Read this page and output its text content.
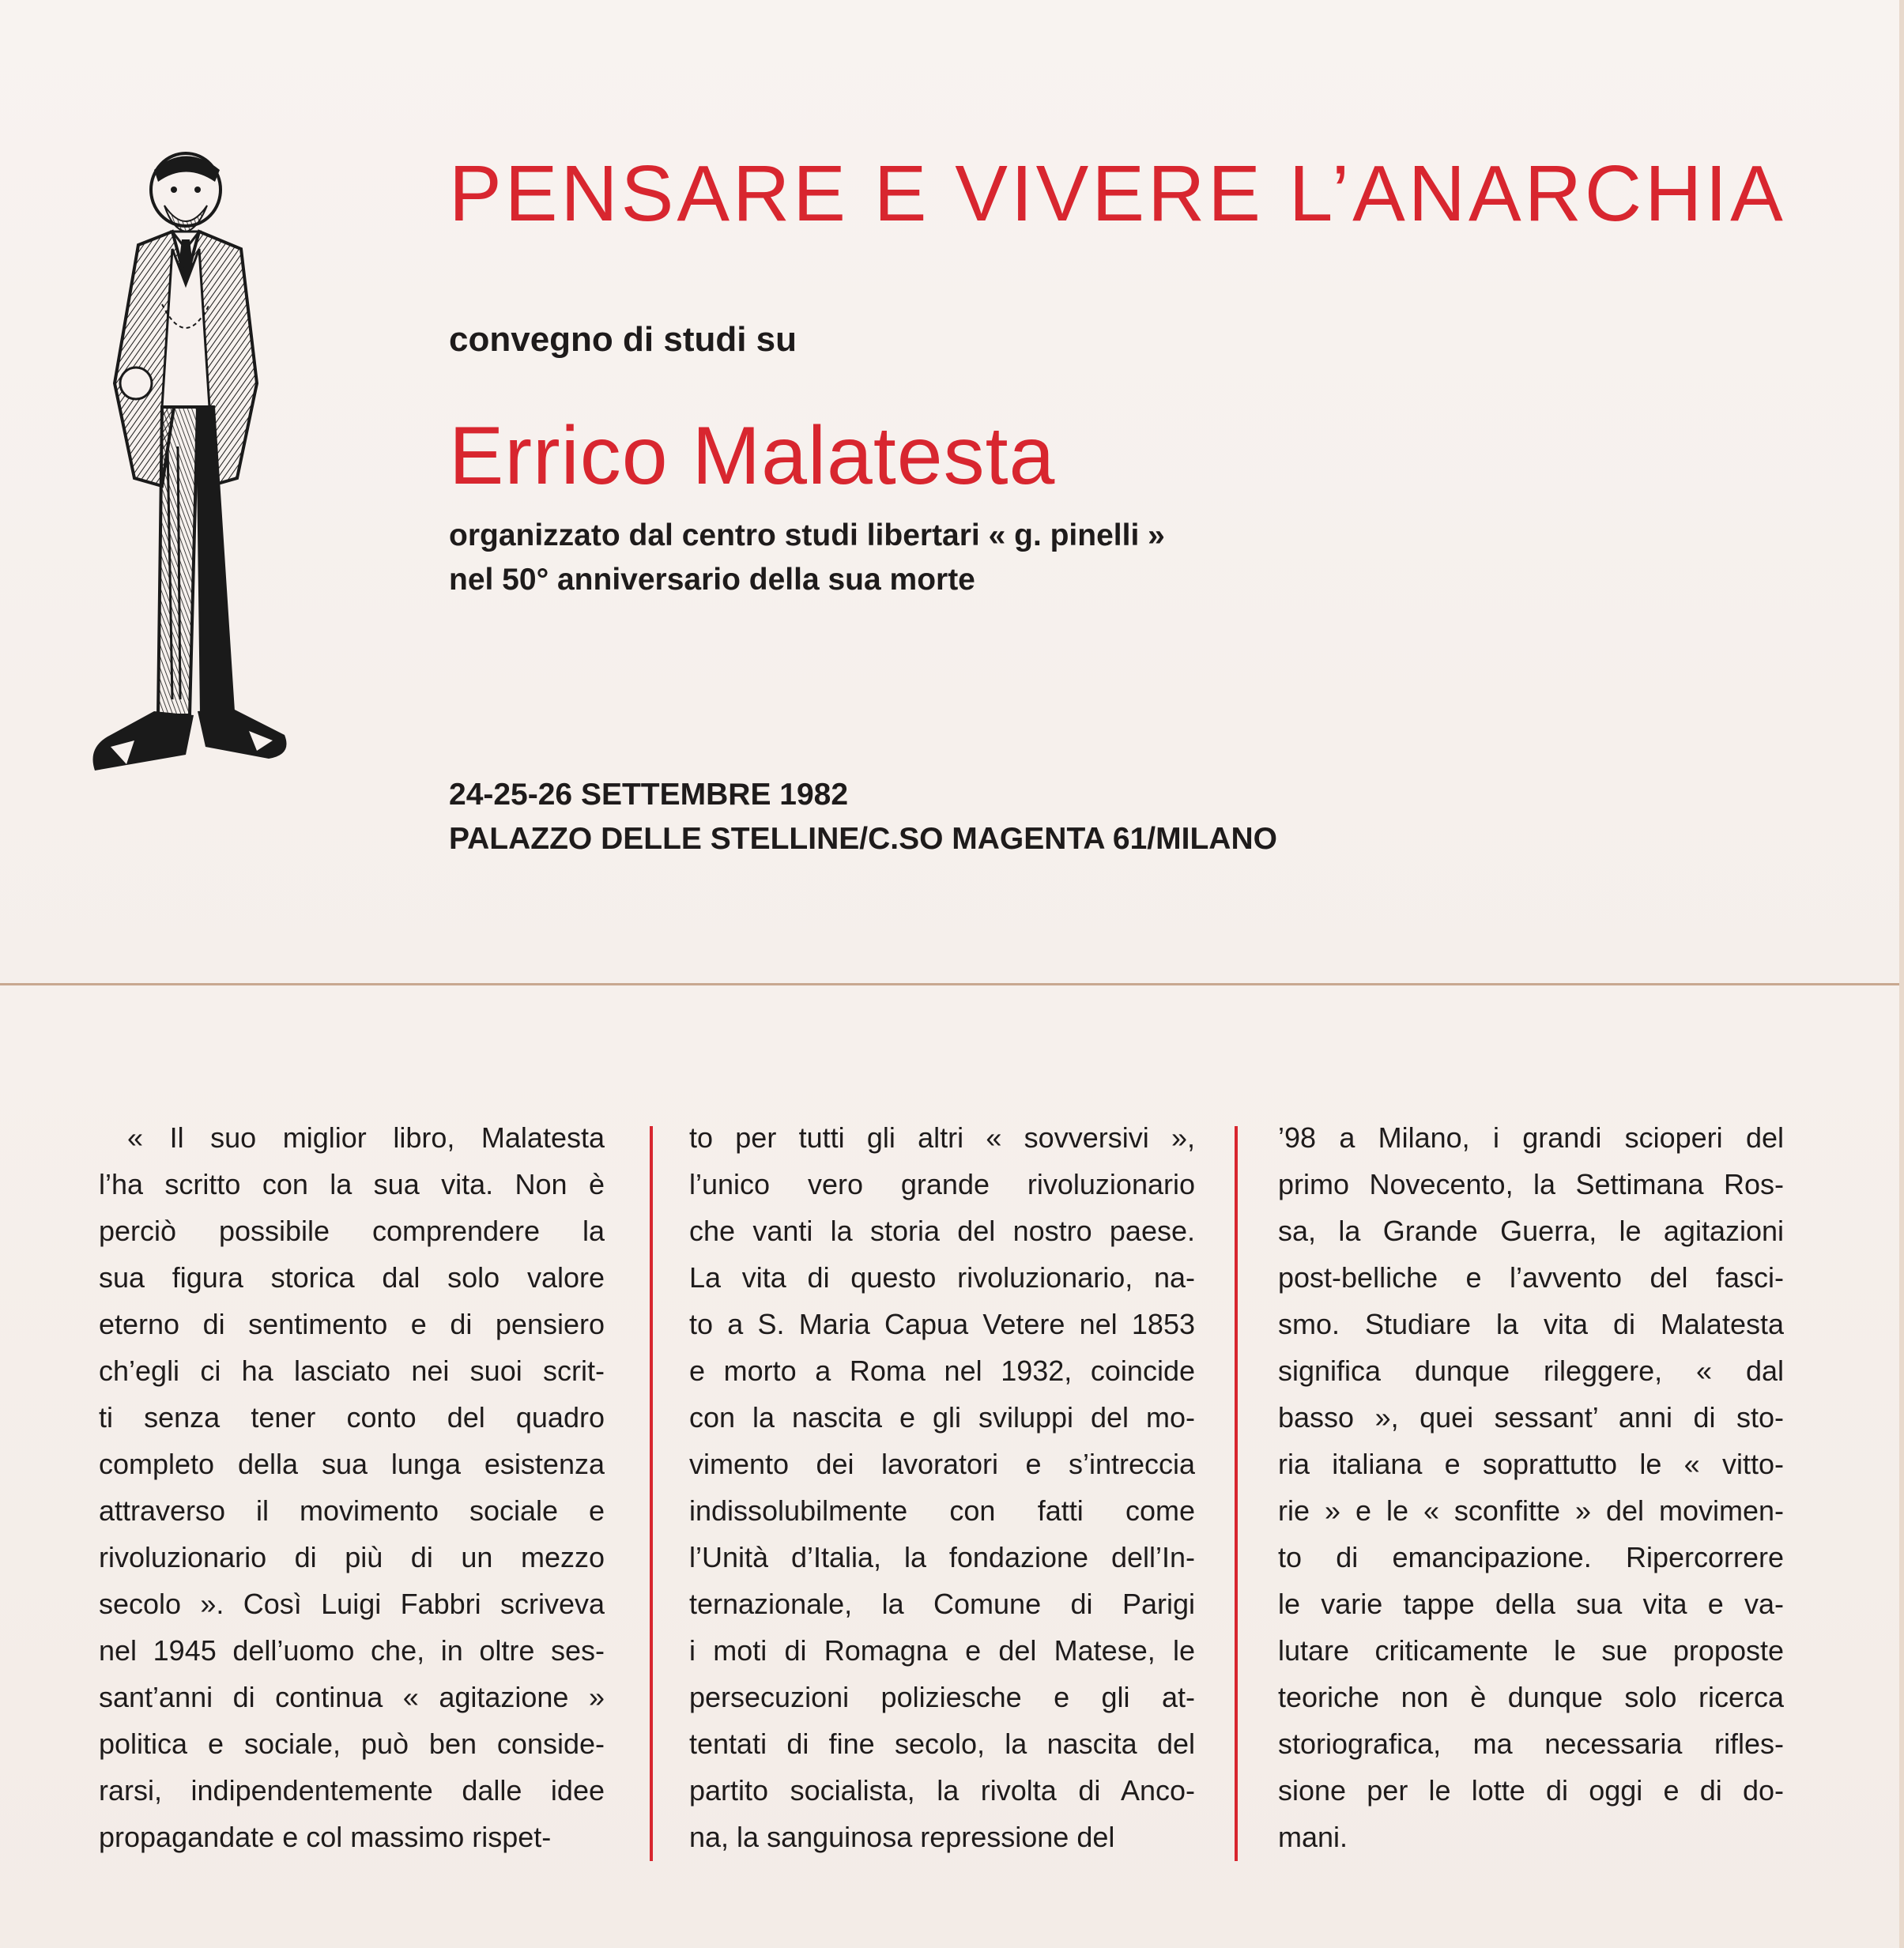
PENSARE E VIVERE L’ANARCHIA
convegno di studi su
Errico Malatesta
organizzato dal centro studi libertari « g. pinelli »
nel 50° anniversario della sua morte
24-25-26 SETTEMBRE 1982
PALAZZO DELLE STELLINE/C.SO MAGENTA 61/MILANO
 « Il suo miglior libro, Malatesta
l’ha scritto con la sua vita. Non è
perciò possibile comprendere la
sua figura storica dal solo valore
eterno di sentimento e di pensiero
ch’egli ci ha lasciato nei suoi scrit-
ti senza tener conto del quadro
completo della sua lunga esistenza
attraverso il movimento sociale e
rivoluzionario di più di un mezzo
secolo ». Così Luigi Fabbri scriveva
nel 1945 dell’uomo che, in oltre ses-
sant’anni di continua « agitazione »
politica e sociale, può ben conside-
rarsi, indipendentemente dalle idee
propagandate e col massimo rispet-
to per tutti gli altri « sovversivi »,
l’unico vero grande rivoluzionario
che vanti la storia del nostro paese.
La vita di questo rivoluzionario, na-
to a S. Maria Capua Vetere nel 1853
e morto a Roma nel 1932, coincide
con la nascita e gli sviluppi del mo-
vimento dei lavoratori e s’intreccia
indissolubilmente con fatti come
l’Unità d’Italia, la fondazione dell’In-
ternazionale, la Comune di Parigi
i moti di Romagna e del Matese, le
persecuzioni poliziesche e gli at-
tentati di fine secolo, la nascita del
partito socialista, la rivolta di Anco-
na, la sanguinosa repressione del
’98 a Milano, i grandi scioperi del
primo Novecento, la Settimana Ros-
sa, la Grande Guerra, le agitazioni
post-belliche e l’avvento del fasci-
smo. Studiare la vita di Malatesta
significa dunque rileggere, « dal
basso », quei sessant’ anni di sto-
ria italiana e soprattutto le « vitto-
rie » e le « sconfitte » del movimen-
to di emancipazione. Ripercorrere
le varie tappe della sua vita e va-
lutare criticamente le sue proposte
teoriche non è dunque solo ricerca
storiografica, ma necessaria rifles-
sione per le lotte di oggi e di do-
mani.
